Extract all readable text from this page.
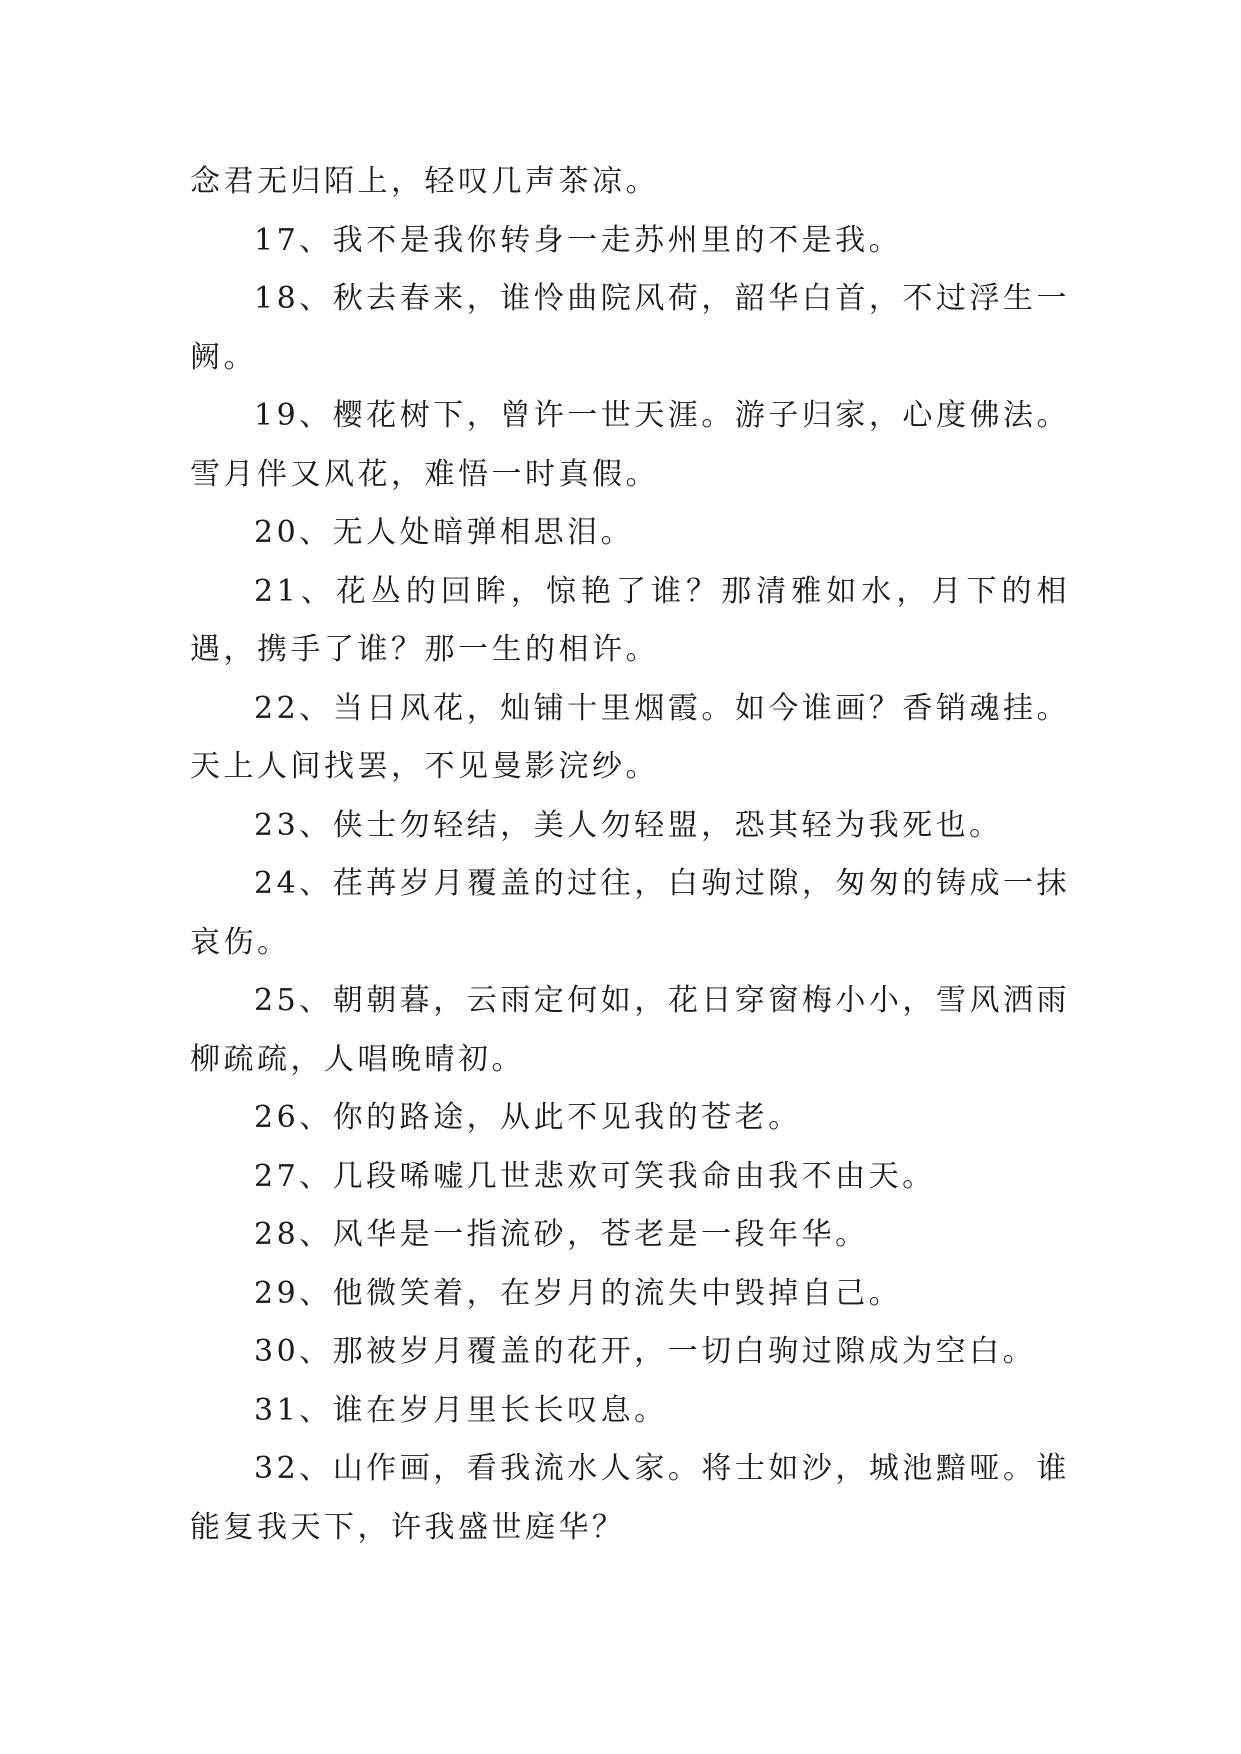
念君无归陌上，轻叹几声茶凉。

17、我不是我你转身一走苏州里的不是我。

18、秋去春来，谁怜曲院风荷，韶华白首，不过浮生一阙。

19、樱花树下，曾许一世天涯。游子归家，心度佛法。雪月伴又风花，难悟一时真假。

20、无人处暗弹相思泪。

21、花丛的回眸，惊艳了谁？那清雅如水，月下的相遇，携手了谁？那一生的相许。

22、当日风花，灿铺十里烟霞。如今谁画？香销魂挂。天上人间找罢，不见曼影浣纱。

23、侠士勿轻结，美人勿轻盟，恐其轻为我死也。

24、荏苒岁月覆盖的过往，白驹过隙，匆匆的铸成一抹哀伤。

25、朝朝暮，云雨定何如，花日穿窗梅小小，雪风洒雨柳疏疏，人唱晚晴初。

26、你的路途，从此不见我的苍老。

27、几段唏嘘几世悲欢可笑我命由我不由天。

28、风华是一指流砂，苍老是一段年华。

29、他微笑着，在岁月的流失中毁掉自己。

30、那被岁月覆盖的花开，一切白驹过隙成为空白。

31、谁在岁月里长长叹息。

32、山作画，看我流水人家。将士如沙，城池黯哑。谁能复我天下，许我盛世庭华？
